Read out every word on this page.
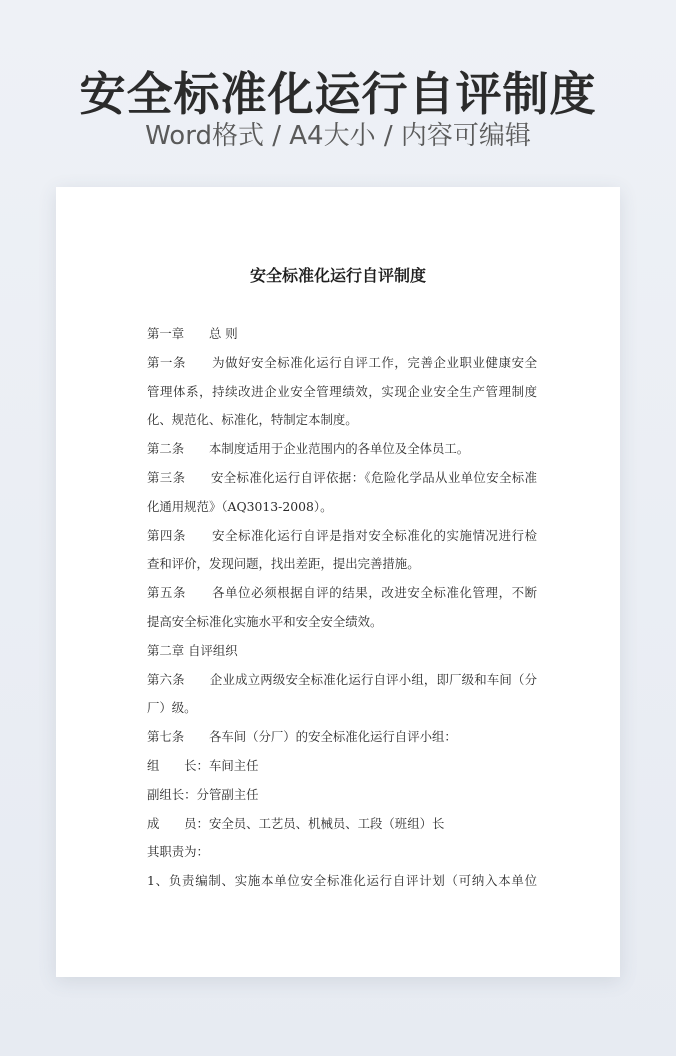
安全标准化运行自评制度
Word格式 / A4大小 / 内容可编辑
安全标准化运行自评制度
第一章　　总 则
第一条　　为做好安全标准化运行自评工作，完善企业职业健康安全
管理体系，持续改进企业安全管理绩效，实现企业安全生产管理制度
化、规范化、标准化，特制定本制度。
第二条　　本制度适用于企业范围内的各单位及全体员工。
第三条　　安全标准化运行自评依据：《危险化学品从业单位安全标准
化通用规范》（AQ3013-2008）。
第四条　　安全标准化运行自评是指对安全标准化的实施情况进行检
查和评价，发现问题，找出差距，提出完善措施。
第五条　　各单位必须根据自评的结果，改进安全标准化管理，不断
提高安全标准化实施水平和安全安全绩效。
第二章 自评组织
第六条　　企业成立两级安全标准化运行自评小组，即厂级和车间（分
厂）级。
第七条　　各车间（分厂）的安全标准化运行自评小组：
组　　长：车间主任
副组长：分管副主任
成　　员：安全员、工艺员、机械员、工段（班组）长
其职责为：
1、负责编制、实施本单位安全标准化运行自评计划（可纳入本单位
